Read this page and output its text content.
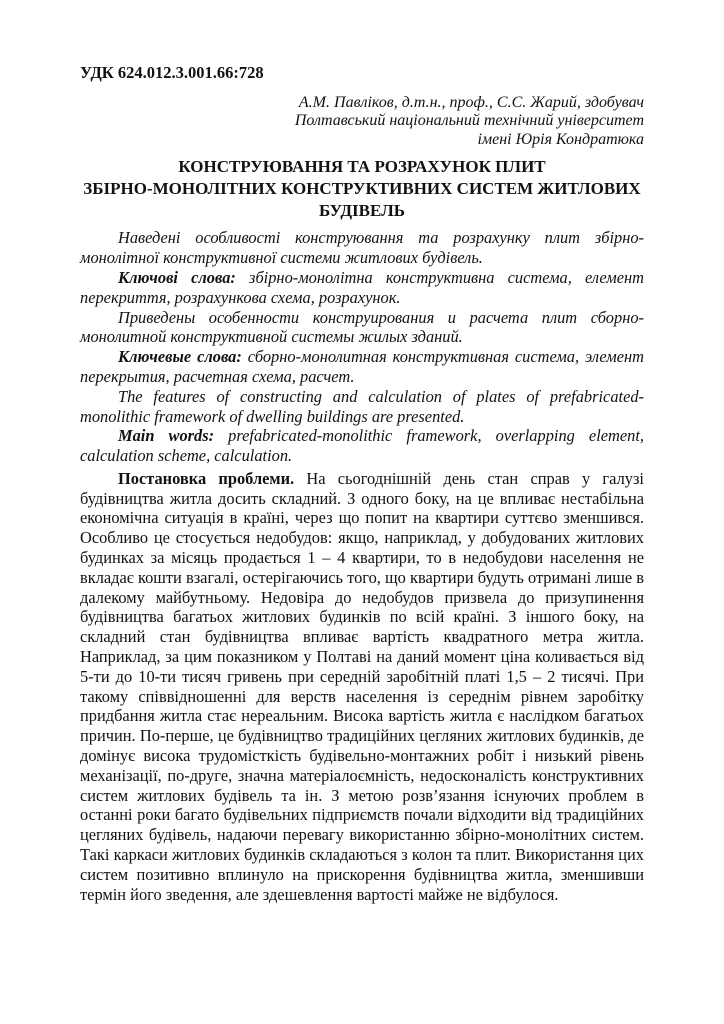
УДК 624.012.3.001.66:728

А.М. Павліков, д.т.н., проф., С.С. Жарий, здобувач
Полтавський національний технічний університет
імені Юрія Кондратюка
КОНСТРУЮВАННЯ ТА РОЗРАХУНОК ПЛИТ
ЗБІРНО-МОНОЛІТНИХ КОНСТРУКТИВНИХ СИСТЕМ ЖИТЛОВИХ
БУДІВЕЛЬ

Наведені особливості конструювання та розрахунку плит збірно-монолітної конструктивної системи житлових будівель.

Ключові слова: збірно-монолітна конструктивна система, елемент перекриття, розрахункова схема, розрахунок.

Приведены особенности конструирования и расчета плит сборно-монолитной конструктивной системы жилых зданий.

Ключевые слова: сборно-монолитная конструктивная система, элемент перекрытия, расчетная схема, расчет.

The features of constructing and calculation of plates of prefabricated-monolithic framework of dwelling buildings are presented.

Main words: prefabricated-monolithic framework, overlapping element, calculation scheme, calculation.

Постановка проблеми. На сьогоднішній день стан справ у галузі будівництва житла досить складний. З одного боку, на це впливає нестабільна економічна ситуація в країні, через що попит на квартири суттєво зменшився. Особливо це стосується недобудов: якщо, наприклад, у добудованих житлових будинках за місяць продається 1 – 4 квартири, то в недобудови населення не вкладає кошти взагалі, остерігаючись того, що квартири будуть отримані лише в далекому майбутньому. Недовіра до недобудов призвела до призупинення будівництва багатьох житлових будинків по всій країні. З іншого боку, на складний стан будівництва впливає вартість квадратного метра житла. Наприклад, за цим показником у Полтаві на даний момент ціна коливається від 5-ти до 10-ти тисяч гривень при середній заробітній платі 1,5 – 2 тисячі. При такому співвідношенні для верств населення із середнім рівнем заробітку придбання житла стає нереальним. Висока вартість житла є наслідком багатьох причин. По-перше, це будівництво традиційних цегляних житлових будинків, де домінує висока трудомісткість будівельно-монтажних робіт і низький рівень механізації, по-друге, значна матеріалоємність, недосконалість конструктивних систем житлових будівель та ін. З метою розв’язання існуючих проблем в останні роки багато будівельних підприємств почали відходити від традиційних цегляних будівель, надаючи перевагу використанню збірно-монолітних систем. Такі каркаси житлових будинків складаються з колон та плит. Використання цих систем позитивно вплинуло на прискорення будівництва житла, зменшивши термін його зведення, але здешевлення вартості майже не відбулося.
